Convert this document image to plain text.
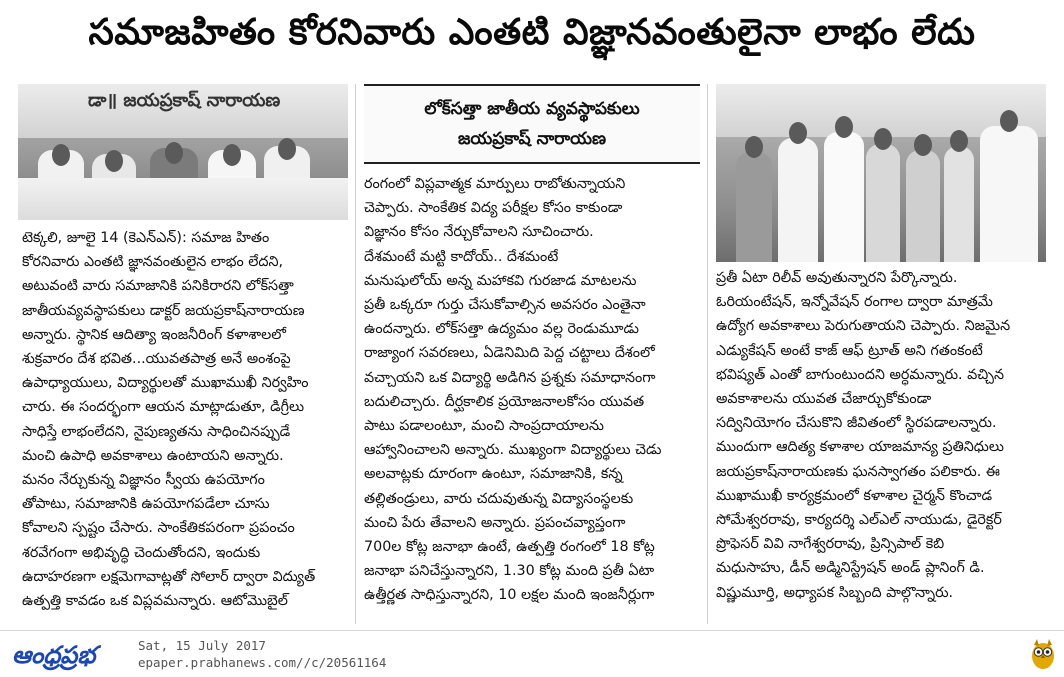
సమాజహితం కోరనివారు ఎంతటి విజ్ఞానవంతులైనా లాభం లేదు
డా॥ జయప్రకాష్ నారాయణ	లోక్‌సత్తా జాతీయ వ్యవస్థాపకులు
జయప్రకాష్ నారాయణ

టెక్కలి, జూలై 14 (కెఎన్ఎన్): సమాజ హితం

కోరనివారు ఎంతటి జ్ఞానవంతులైన లాభం లేదని,

అటువంటి వారు సమాజానికి పనికిరారని లోక్‌సత్తా

జాతీయవ్యవస్థాపకులు డాక్టర్ జయప్రకాష్‌నారాయణ

అన్నారు. స్థానిక ఆదిత్యా ఇంజనీరింగ్ కళాశాలలో

శుక్రవారం దేశ భవిత...యువతపాత్ర అనే అంశంపై

ఉపాధ్యాయులు, విద్యార్థులతో ముఖాముఖీ నిర్వహిం

చారు. ఈ సందర్భంగా ఆయన మాట్లాడుతూ, డిగ్రీలు

సాధిస్తే లాభంలేదని, నైపుణ్యతను సాధించినప్పుడే

మంచి ఉపాధి అవకాశాలు ఉంటాయని అన్నారు.

మనం నేర్చుకున్న విజ్ఞానం స్వీయ ఉపయోగం

తోపాటు, సమాజానికి ఉపయోగపడేలా చూసు

కోవాలని స్పష్టం చేసారు. సాంకేతికపరంగా ప్రపంచం

శరవేగంగా అభివృద్ధి చెందుతోందని, ఇందుకు

ఉదాహరణగా లక్షమెగావాట్లతో సోలార్ ద్వారా విద్యుత్

ఉత్పత్తి కావడం ఒక విప్లవమన్నారు. ఆటోమొబైల్

రంగంలో విప్లవాత్మక మార్పులు రాబోతున్నాయని

చెప్పారు. సాంకేతిక విద్య పరీక్షల కోసం కాకుండా

విజ్ఞానం కోసం నేర్చుకోవాలని సూచించారు.

దేశమంటే మట్టి కాదోయ్.. దేశమంటే

మనుషులోయ్ అన్న మహాకవి గురజాడ మాటలను

ప్రతీ ఒక్కరూ గుర్తు చేసుకోవాల్సిన అవసరం ఎంతైనా

ఉందన్నారు. లోక్‌సత్తా ఉద్యమం వల్ల రెండుమూడు

రాజ్యాంగ సవరణలు, ఏడెనిమిది పెద్ద చట్టాలు దేశంలో

వచ్చాయని ఒక విద్యార్థి అడిగిన ప్రశ్నకు సమాధానంగా

బదులిచ్చారు. దీర్ఘకాలిక ప్రయోజనాలకోసం యువత

పాటు పడాలంటూ, మంచి సాంప్రదాయాలను

ఆహ్వానించాలని అన్నారు. ముఖ్యంగా విద్యార్థులు చెడు

అలవాట్లకు దూరంగా ఉంటూ, సమాజానికి, కన్న

తల్లితండ్రులు, వారు చదువుతున్న విద్యాసంస్థలకు

మంచి పేరు తేవాలని అన్నారు. ప్రపంచవ్యాప్తంగా

700ల కోట్ల జనాభా ఉంటే, ఉత్పత్తి రంగంలో 18 కోట్ల

జనాభా పనిచేస్తున్నారని, 1.30 కోట్ల మంది ప్రతీ ఏటా

ఉత్తీర్ణత సాధిస్తున్నారని, 10 లక్షల మంది ఇంజనీర్లుగా

ప్రతీ ఏటా రిలీవ్ అవుతున్నారని పేర్కొన్నారు.

ఓరియంటేషన్, ఇన్నోవేషన్ రంగాల ద్వారా మాత్రమే

ఉద్యోగ అవకాశాలు పెరుగుతాయని చెప్పారు. నిజమైన

ఎడ్యుకేషన్ అంటే కాజ్ ఆఫ్ ట్రూత్ అని గతంకంటే

భవిష్యత్ ఎంతో బాగుంటుందని అర్ధమన్నారు. వచ్చిన

అవకాశాలను యువత చేజార్చుకోకుండా

సద్వినియోగం చేసుకొని జీవితంలో స్థిరపడాలన్నారు.

ముందుగా ఆదిత్య కళాశాల యాజమాన్య ప్రతినిధులు

జయప్రకాష్‌నారాయణకు ఘనస్వాగతం పలికారు. ఈ

ముఖాముఖీ కార్యక్రమంలో కళాశాల చైర్మన్ కొంచాడ

సోమేశ్వరరావు, కార్యదర్శి ఎల్ఎల్ నాయుడు, డైరెక్టర్

ప్రొఫెసర్ వివి నాగేశ్వరరావు, ప్రిన్సిపాల్ కెబి

మధుసాహు, డీన్ అడ్మినిస్ట్రేషన్ అండ్ ప్లానింగ్ డి.

విష్ణుమూర్తి, అధ్యాపక సిబ్బంది పాల్గొన్నారు.

ఆంధ్రప్రభ	Sat, 15 July 2017
epaper.prabhanews.com//c/20561164
